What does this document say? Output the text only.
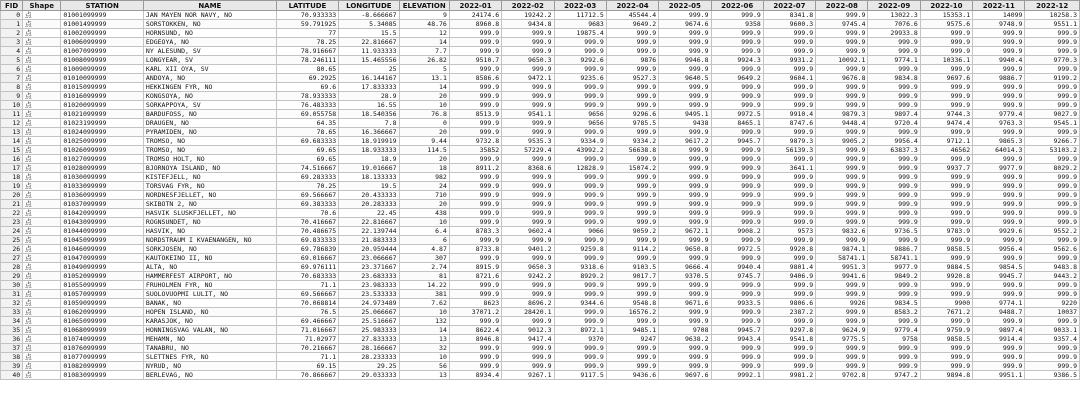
FID	Shape	STATION	NAME	LATITUDE	LONGITUDE	ELEVATION	2022-01	2022-02	2022-03	2022-04	2022-05	2022-06	2022-07	2022-08	2022-09	2022-10	2022-11	2022-12
0	点	01001099999	JAN MAYEN NOR NAVY, NO	70.933333	-8.666667	9	24174.6	19242.2	11712.5	45544.4	999.9	999.9	8341.8	999.9	13022.3	15353.1	14099	10258.3
1	点	01001499999	SORSTOKKEN, NO	59.791925	5.34085	48.76	8960.8	9434.8	9683	9649.2	9674.6	9358	9600.3	9745.4	7076.6	9575.6	9748.9	9551.1
2	点	01002099999	HORNSUND, NO	77	15.5	12	999.9	999.9	19875.4	999.9	999.9	999.9	999.9	999.9	29933.8	999.9	999.9	999.9
3	点	01006099999	EDGEOYA, NO	78.25	22.816667	14	999.9	999.9	999.9	999.9	999.9	999.9	999.9	999.9	999.9	999.9	999.9	999.9
4	点	01007099999	NY ALESUND, SV	78.916667	11.933333	7.7	999.9	999.9	999.9	999.9	999.9	999.9	999.9	999.9	999.9	999.9	999.9	999.9
5	点	01008099999	LONGYEAR, SV	78.246111	15.465556	26.82	9510.7	9650.3	9292.6	9876	9946.8	9924.3	9931.2	10092.1	9774.1	10336.1	9940.4	9770.3
6	点	01009099999	KARL XII OYA, SV	80.65	25	5	999.9	999.9	999.9	999.9	999.9	999.9	999.9	999.9	999.9	999.9	999.9	999.9
7	点	01010099999	ANDOYA, NO	69.2925	16.144167	13.1	8586.6	9472.1	9235.6	9527.3	9640.5	9649.2	9604.1	9676.8	9834.8	9697.6	9886.7	9199.2
8	点	01015099999	HEKKINGEN FYR, NO	69.6	17.833333	14	999.9	999.9	999.9	999.9	999.9	999.9	999.9	999.9	999.9	999.9	999.9	999.9
9	点	01016099999	KONGSOYA, NO	78.933333	28.9	20	999.9	999.9	999.9	999.9	999.9	999.9	999.9	999.9	999.9	999.9	999.9	999.9
10	点	01020099999	SORKAPPOYA, SV	76.483333	16.55	10	999.9	999.9	999.9	999.9	999.9	999.9	999.9	999.9	999.9	999.9	999.9	999.9
11	点	01021099999	BARDUFOSS, NO	69.055758	18.540356	76.8	8513.9	9541.1	9656	9296.6	9495.1	9972.5	9910.4	9879.3	9897.4	9744.3	9779.4	9027.9
12	点	01023199999	DRAUGEN, NO	64.35	7.8	0	999.9	999.9	9656	9785.5	9438	8465.1	8747.6	9448.4	9720.4	9474.4	9763.3	9545.1
13	点	01024099999	PYRAMIDEN, NO	78.65	16.366667	20	999.9	999.9	999.9	999.9	999.9	999.9	999.9	999.9	999.9	999.9	999.9	999.9
14	点	01025099999	TROMSO, NO	69.683333	18.919919	9.44	9732.8	9535.3	9334.9	9334.2	9617.2	9945.7	9879.3	9905.2	9956.4	9712.1	9865.3	9266.7
15	点	01026099999	TROMSO, NO	69.65	18.933333	114.5	35852	57229.4	43992.2	56638.8	999.9	999.9	56139.3	999.9	63837.3	46562	64014.3	53103.2
16	点	01027099999	TROMSO HOLT, NO	69.65	18.9	20	999.9	999.9	999.9	999.9	999.9	999.9	999.9	999.9	999.9	999.9	999.9	999.9
17	点	01028099999	BJORNOYA ISLAND, NO	74.516667	19.016667	18	8911.2	8368.6	12828.9	15074.2	999.9	999.9	3641.1	999.9	999.9	9937.7	9977.9	8029.2
18	点	01030099999	KISTEFJELL, NO	69.283333	18.133333	982	999.9	999.9	999.9	999.9	999.9	999.9	999.9	999.9	999.9	999.9	999.9	999.9
19	点	01033099999	TORSVAG FYR, NO	70.25	19.5	24	999.9	999.9	999.9	999.9	999.9	999.9	999.9	999.9	999.9	999.9	999.9	999.9
20	点	01036099999	NORDNESFJELLET, NO	69.566667	20.433333	710	999.9	999.9	999.9	999.9	999.9	999.9	999.9	999.9	999.9	999.9	999.9	999.9
21	点	01037099999	SKIBOTN 2, NO	69.383333	20.283333	20	999.9	999.9	999.9	999.9	999.9	999.9	999.9	999.9	999.9	999.9	999.9	999.9
22	点	01042099999	HASVIK SLUSKFJELLET, NO	70.6	22.45	438	999.9	999.9	999.9	999.9	999.9	999.9	999.9	999.9	999.9	999.9	999.9	999.9
23	点	01043099999	ROGNSUNDET, NO	70.416667	22.816667	10	999.9	999.9	999.9	999.9	999.9	999.9	999.9	999.9	999.9	999.9	999.9	999.9
24	点	01044099999	HASVIK, NO	70.486675	22.139744	6.4	8783.3	9602.4	9066	9059.2	9672.1	9908.2	9573	9832.6	9736.5	9783.9	9929.6	9552.2
25	点	01045099999	NORDSTRAUM I KVAENANGEN, NO	69.833333	21.883333	6	999.9	999.9	999.9	999.9	999.9	999.9	999.9	999.9	999.9	999.9	999.9	999.9
26	点	01046099999	SORKJOSEN, NO	69.786839	20.959444	4.87	8733.8	9401.2	9259.8	9114.2	9650.8	9972.5	9920.8	9874.1	9886.7	9858.5	9956.4	9562.6
27	点	01047099999	KAUTOKEINO II, NO	69.016667	23.066667	307	999.9	999.9	999.9	999.9	999.9	999.9	999.9	58741.1	58741.1	999.9	999.9	999.9
28	点	01049099999	ALTA, NO	69.976111	23.371667	2.74	8915.9	9650.3	9318.6	9103.5	9666.4	9940.4	9801.4	9951.3	9977.9	9884.5	9854.5	9483.8
29	点	01052099999	HAMMERFEST AIRPORT, NO	70.683333	23.683333	81	8721.6	9242.2	8929.2	9017.7	9370.5	9745.7	9406.9	9941.6	9849.2	9920.8	9945.7	9443.2
30	点	01055099999	FRUHOLMEN FYR, NO	71.1	23.983333	14.22	999.9	999.9	999.9	999.9	999.9	999.9	999.9	999.9	999.9	999.9	999.9	999.9
31	点	01057099999	SUOLOVUOPMI LULIT, NO	69.566667	23.533333	381	999.9	999.9	999.9	999.9	999.9	999.9	999.9	999.9	999.9	999.9	999.9	999.9
32	点	01059099999	BANAK, NO	70.068814	24.973489	7.62	8623	8696.2	9344.6	9548.8	9671.6	9933.5	9806.6	9926	9834.5	9900	9774.1	9220
33	点	01062099999	HOPEN ISLAND, NO	76.5	25.066667	10	37071.2	28420.1	999.9	16576.2	999.9	999.9	2387.2	999.9	8583.2	7671.2	9488.7	10037
34	点	01065099999	KARASJOK, NO	69.466667	25.516667	132	999.9	999.9	999.9	999.9	999.9	999.9	999.9	999.9	999.9	999.9	999.9	999.9
35	点	01068099999	HONNINGSVAG VALAN, NO	71.016667	25.983333	14	8622.4	9012.3	8972.1	9485.1	9708	9945.7	9297.8	9624.9	9779.4	9759.9	9897.4	9033.1
36	点	01074099999	MEHAMN, NO	71.02977	27.833333	13	8946.8	9417.4	9370	9247	9638.2	9943.4	9541.8	9775.5	9758	9858.5	9914.4	9357.4
37	点	01076099999	TANABRU, NO	70.216667	28.166667	32	999.9	999.9	999.9	999.9	999.9	999.9	999.9	999.9	999.9	999.9	999.9	999.9
38	点	01077099999	SLETTNES FYR, NO	71.1	28.233333	10	999.9	999.9	999.9	999.9	999.9	999.9	999.9	999.9	999.9	999.9	999.9	999.9
39	点	01082099999	NYRUD, NO	69.15	29.25	56	999.9	999.9	999.9	999.9	999.9	999.9	999.9	999.9	999.9	999.9	999.9	999.9
40	点	01083099999	BERLEVAG, NO	70.866667	29.033333	13	8934.4	9267.1	9117.5	9436.6	9697.6	9992.1	9981.2	9702.8	9747.2	9894.8	9951.1	9386.5
